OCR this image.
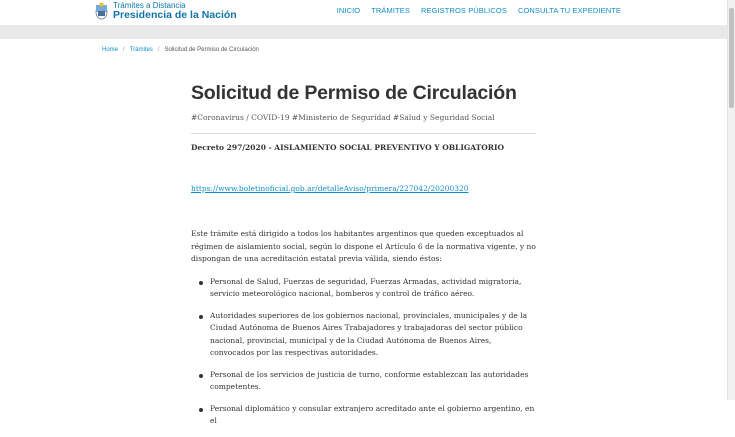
Trámites a Distancia
Presidencia de la Nación	INICIO TRÁMITES REGISTROS PÚBLICOS CONSULTA TU EXPEDIENTE
Home / Trámites / Solicitud de Permiso de Circulación
Solicitud de Permiso de Circulación
#Coronavirus / COVID-19 #Ministerio de Seguridad #Salud y Seguridad Social
Decreto 297/2020 - AISLAMIENTO SOCIAL PREVENTIVO Y OBLIGATORIO
https://www.boletinoficial.gob.ar/detalleAviso/primera/227042/20200320

Este trámite está dirigido a todos los habitantes argentinos que queden exceptuados al régimen de aislamiento social, según lo dispone el Artículo 6 de la normativa vigente, y no dispongan de una acreditación estatal previa válida, siendo éstos:

Personal de Salud, Fuerzas de seguridad, Fuerzas Armadas, actividad migratoria, servicio meteorológico nacional, bomberos y control de tráfico aéreo.
Autoridades superiores de los gobiernos nacional, provinciales, municipales y de la Ciudad Autónoma de Buenos Aires Trabajadores y trabajadoras del sector público nacional, provincial, municipal y de la Ciudad Autónoma de Buenos Aires, convocados por las respectivas autoridades.
Personal de los servicios de justicia de turno, conforme establezcan las autoridades competentes.
Personal diplomático y consular extranjero acreditado ante el gobierno argentino, en el
